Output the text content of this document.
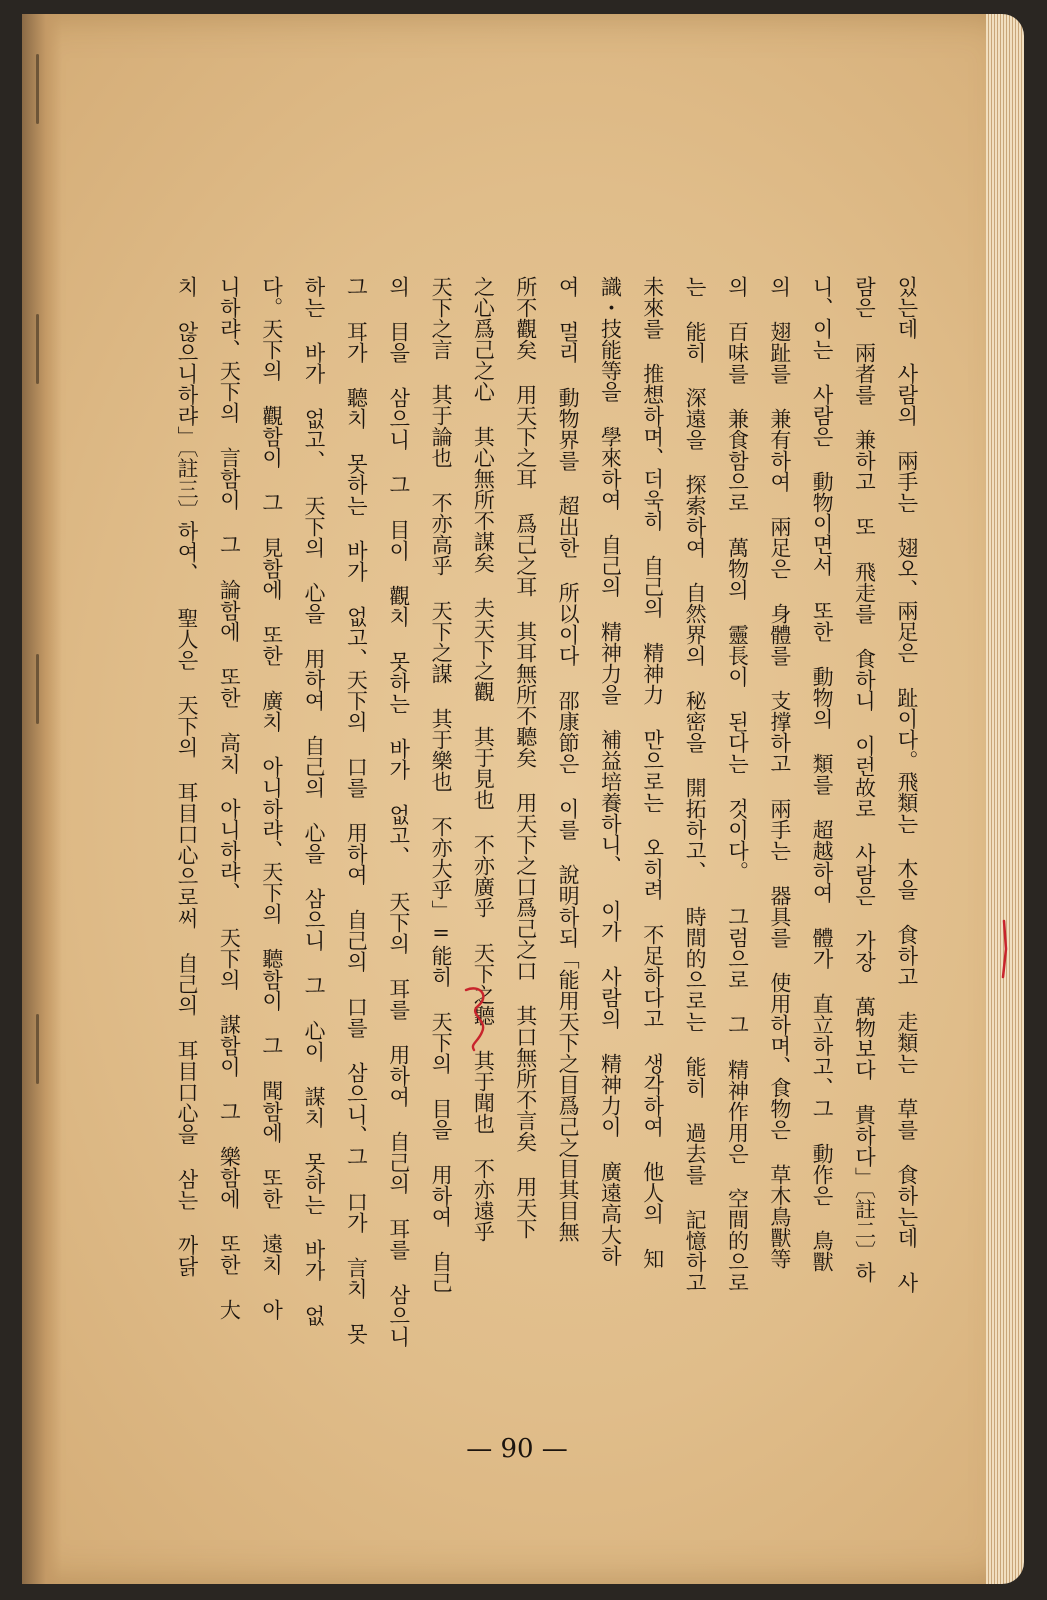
있는데 사람의 兩手는 翅오、兩足은 趾이다。飛類는 木을 食하고 走類는 草를 食하는데 사
람은 兩者를 兼하고 또 飛走를 食하니 이런故로 사람은 가장 萬物보다 貴하다」〔註二〕하
니、이는 사람은 動物이면서 또한 動物의 類를 超越하여 體가 直立하고、그 動作은 鳥獸
의 翅趾를 兼有하여 兩足은 身體를 支撑하고 兩手는 器具를 使用하며、食物은 草木鳥獸等
의 百味를 兼食함으로 萬物의 靈長이 된다는 것이다。 그럼으로 그 精神作用은 空間的으로
는 能히 深遠을 探索하여 自然界의 秘密을 開拓하고、 時間的으로는 能히 過去를 記憶하고
未來를 推想하며、더욱히 自己의 精神力 만으로는 오히려 不足하다고 생각하여 他人의 知
識・技能等을 學來하여 自己의 精神力을 補益培養하니、 이가 사람의 精神力이 廣遠高大하
여 멀리 動物界를 超出한 所以이다 邵康節은 이를 說明하되「能用天下之目爲己之目其目無
所不觀矣 用天下之耳 爲己之耳 其耳無所不聽矣 用天下之口爲己之口 其口無所不言矣 用天下
之心爲己之心 其心無所不謀矣 夫天下之觀 其于見也 不亦廣乎 天下之聽 其于聞也 不亦遠乎
天下之言 其于論也 不亦高乎 天下之謀 其于樂也 不亦大乎」=能히 天下의 目을 用하여 自己
의 目을 삼으니 그 目이 觀치 못하는 바가 없고、 天下의 耳를 用하여 自己의 耳를 삼으니
그 耳가 聽치 못하는 바가 없고、天下의 口를 用하여 自己의 口를 삼으니、그 口가 言치 못
하는 바가 없고、 天下의 心을 用하여 自己의 心을 삼으니 그 心이 謀치 못하는 바가 없
다。天下의 觀함이 그 見함에 또한 廣치 아니하랴、天下의 聽함이 그 聞함에 또한 遠치 아
니하랴、天下의 言함이 그 論함에 또한 高치 아니하랴、 天下의 謀함이 그 樂함에 또한 大
치 않으니하랴」〔註三〕하여、 聖人은 天下의 耳目口心으로써 自己의 耳目口心을 삼는 까닭
— 90 —
